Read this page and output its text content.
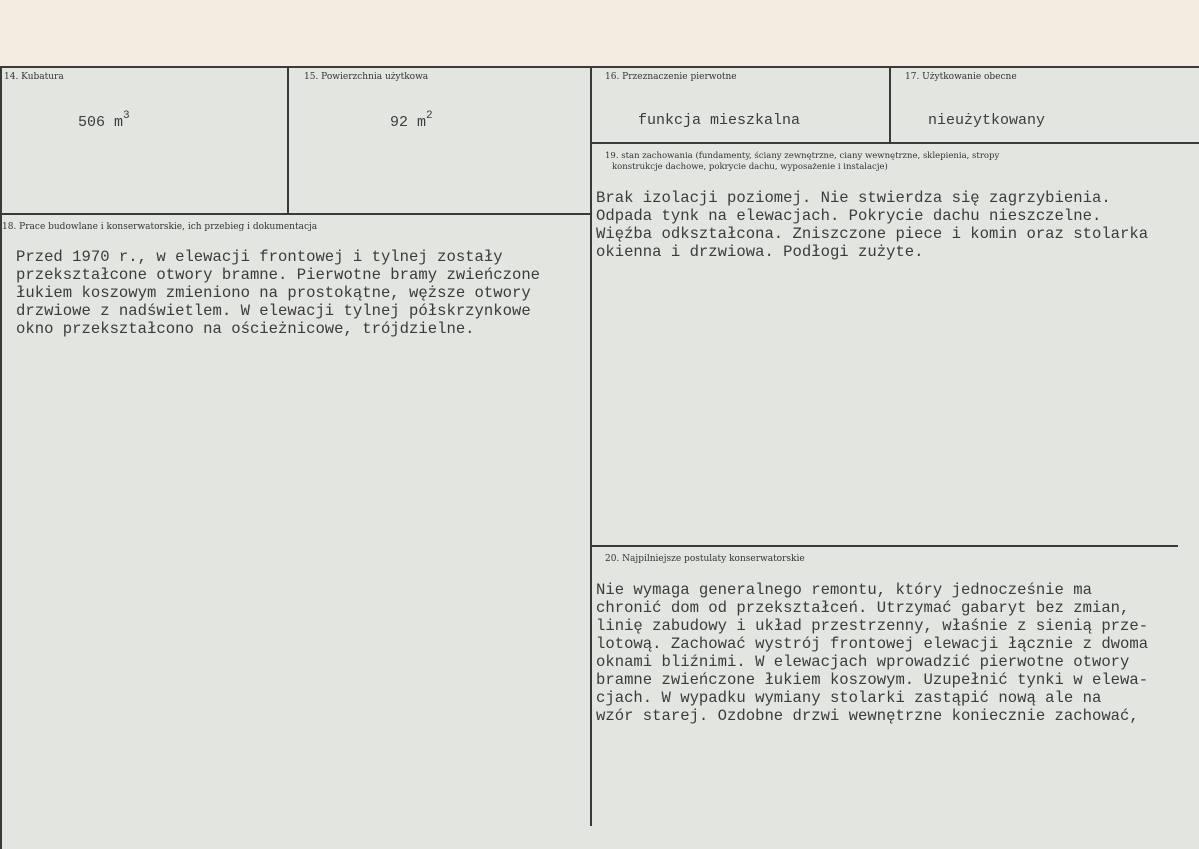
14. Kubatura
506 $m^3$
15. Powierzchnia użytkowa
92 $m^2$
16. Przeznaczenie pierwotne
funkcja mieszkalna
17. Użytkowanie obecne
nieużytkowany
19. stan zachowania (fundamenty, ściany zewnętrzne, ciany wewnętrzne, sklepienia, stropy
konstrukcje dachowe, pokrycie dachu, wyposażenie i instalacje)
Brak izolacji poziomej. Nie stwierdza się zagrzybienia.
Odpada tynk na elewacjach. Pokrycie dachu nieszczelne.
Więźba odkształcona. Zniszczone piece i komin oraz stolarka
okienna i drzwiowa. Podłogi zużyte.
18. Prace budowlane i konserwatorskie, ich przebieg i dokumentacja
Przed 1970 r., w elewacji frontowej i tylnej zostały
przekształcone otwory bramne. Pierwotne bramy zwieńczone
łukiem koszowym zmieniono na prostokątne, węższe otwory
drzwiowe z nadświetlem. W elewacji tylnej półskrzynkowe
okno przekształcono na ościeżnicowe, trójdzielne.
20. Najpilniejsze postulaty konserwatorskie
Nie wymaga generalnego remontu, który jednocześnie ma
chronić dom od przekształceń. Utrzymać gabaryt bez zmian,
linię zabudowy i układ przestrzenny, właśnie z sienią prze-
lotową. Zachować wystrój frontowej elewacji łącznie z dwoma
oknami bliźnimi. W elewacjach wprowadzić pierwotne otwory
bramne zwieńczone łukiem koszowym. Uzupełnić tynki w elewa-
cjach. W wypadku wymiany stolarki zastąpić nową ale na
wzór starej. Ozdobne drzwi wewnętrzne koniecznie zachować,
